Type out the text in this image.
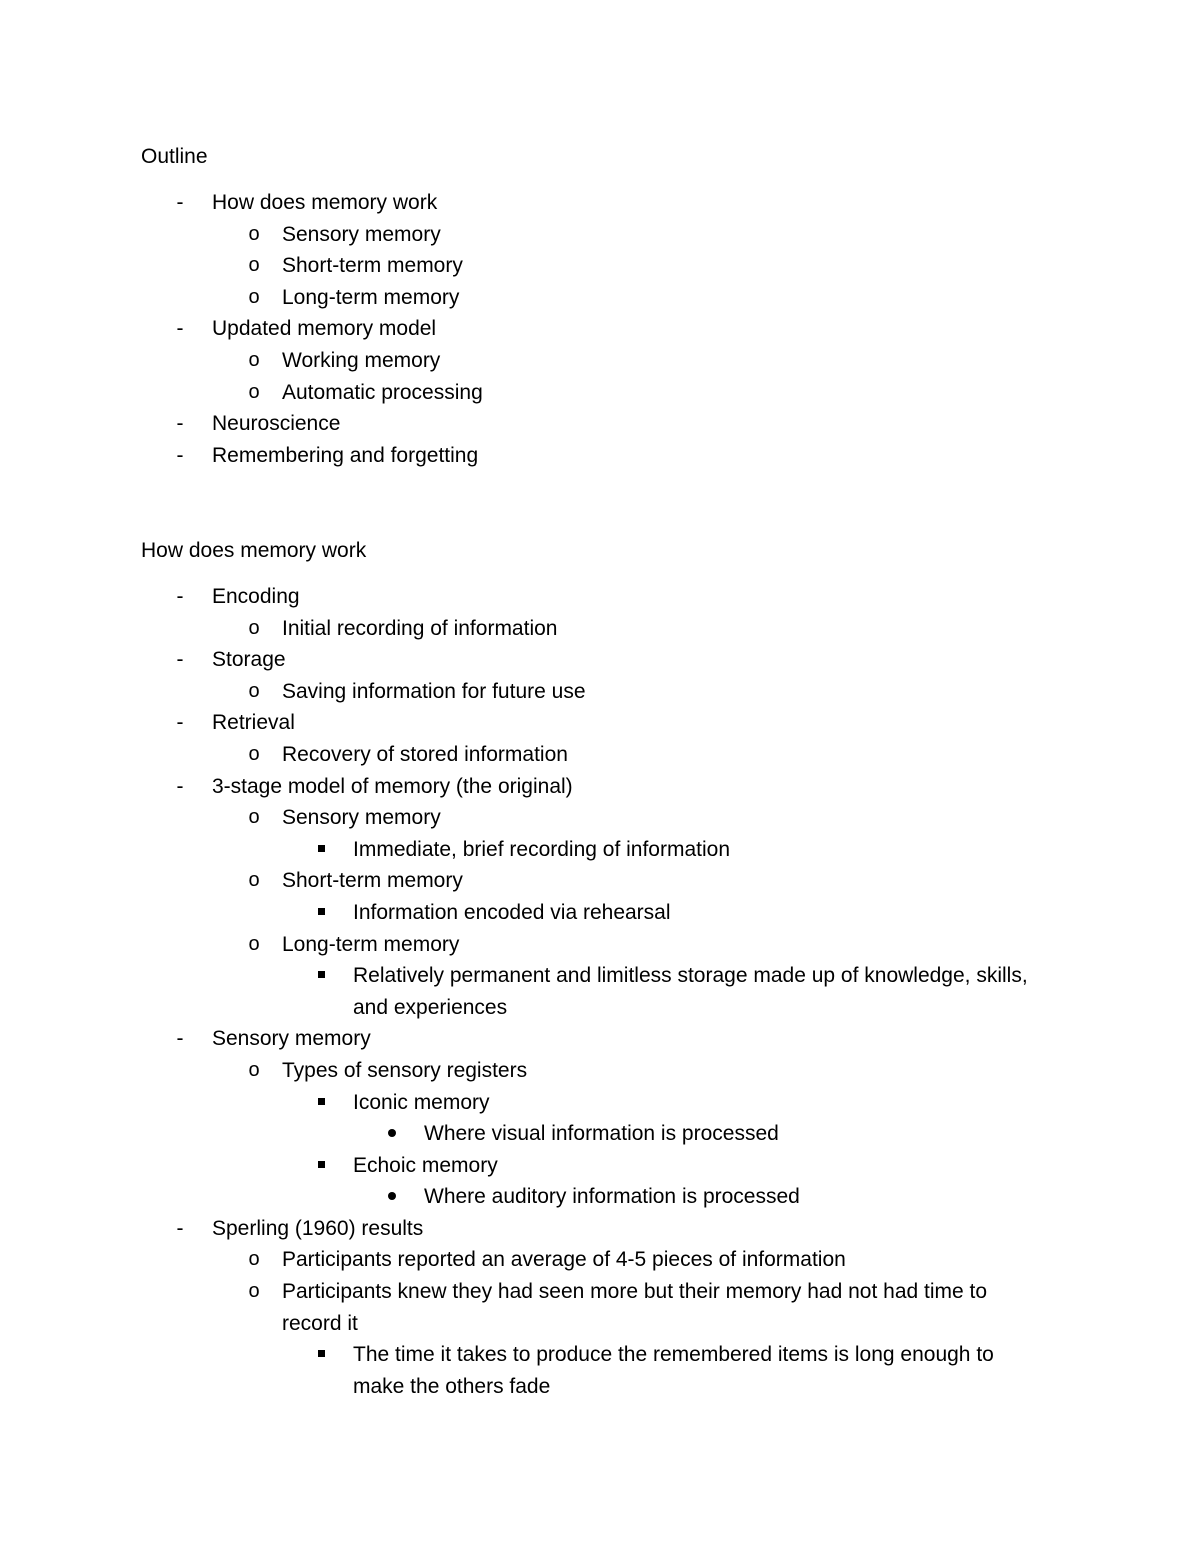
Outline
- How does memory work
o Sensory memory
o Short-term memory
o Long-term memory
- Updated memory model
o Working memory
o Automatic processing
- Neuroscience
- Remembering and forgetting
How does memory work
- Encoding
o Initial recording of information
- Storage
o Saving information for future use
- Retrieval
o Recovery of stored information
- 3-stage model of memory (the original)
o Sensory memory
Immediate, brief recording of information
o Short-term memory
Information encoded via rehearsal
o Long-term memory
Relatively permanent and limitless storage made up of knowledge, skills, and experiences
- Sensory memory
o Types of sensory registers
Iconic memory
Where visual information is processed
Echoic memory
Where auditory information is processed
- Sperling (1960) results
o Participants reported an average of 4-5 pieces of information
o Participants knew they had seen more but their memory had not had time to record it
The time it takes to produce the remembered items is long enough to make the others fade
